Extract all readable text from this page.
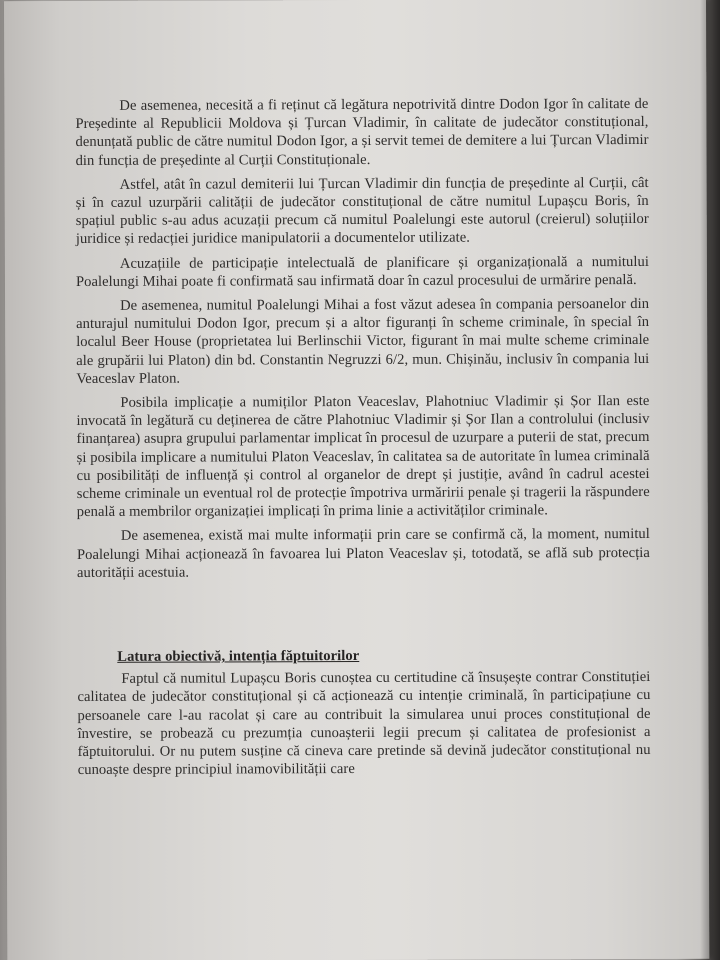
De asemenea, necesită a fi reținut că legătura nepotrivită dintre Dodon Igor în calitate de Președinte al Republicii Moldova și Țurcan Vladimir, în calitate de judecător constituțional, denunțată public de către numitul Dodon Igor, a și servit temei de demitere a lui Țurcan Vladimir din funcția de președinte al Curții Constituționale.

Astfel, atât în cazul demiterii lui Țurcan Vladimir din funcția de președinte al Curții, cât și în cazul uzurpării calității de judecător constituțional de către numitul Lupașcu Boris, în spațiul public s-au adus acuzații precum că numitul Poalelungi este autorul (creierul) soluțiilor juridice și redacției juridice manipulatorii a documentelor utilizate.

Acuzațiile de participație intelectuală de planificare și organizațională a numitului Poalelungi Mihai poate fi confirmată sau infirmată doar în cazul procesului de urmărire penală.

De asemenea, numitul Poalelungi Mihai a fost văzut adesea în compania persoanelor din anturajul numitului Dodon Igor, precum și a altor figuranți în scheme criminale, în special în localul Beer House (proprietatea lui Berlinschii Victor, figurant în mai multe scheme criminale ale grupării lui Platon) din bd. Constantin Negruzzi 6/2, mun. Chișinău, inclusiv în compania lui Veaceslav Platon.

Posibila implicație a numiților Platon Veaceslav, Plahotniuc Vladimir și Șor Ilan este invocată în legătură cu deținerea de către Plahotniuc Vladimir și Șor Ilan a controlului (inclusiv finanțarea) asupra grupului parlamentar implicat în procesul de uzurpare a puterii de stat, precum și posibila implicare a numitului Platon Veaceslav, în calitatea sa de autoritate în lumea criminală cu posibilități de influență și control al organelor de drept și justiție, având în cadrul acestei scheme criminale un eventual rol de protecție împotriva urmăririi penale și tragerii la răspundere penală a membrilor organizației implicați în prima linie a activităților criminale.

De asemenea, există mai multe informații prin care se confirmă că, la moment, numitul Poalelungi Mihai acționează în favoarea lui Platon Veaceslav și, totodată, se află sub protecția autorității acestuia.

Latura obiectivă, intenția făptuitorilor

Faptul că numitul Lupașcu Boris cunoștea cu certitudine că însușește contrar Constituției calitatea de judecător constituțional și că acționează cu intenție criminală, în participațiune cu persoanele care l-au racolat și care au contribuit la simularea unui proces constituțional de învestire, se probează cu prezumția cunoașterii legii precum și calitatea de profesionist a făptuitorului. Or nu putem susține că cineva care pretinde să devină judecător constituțional nu cunoaște despre principiul inamovibilității care
